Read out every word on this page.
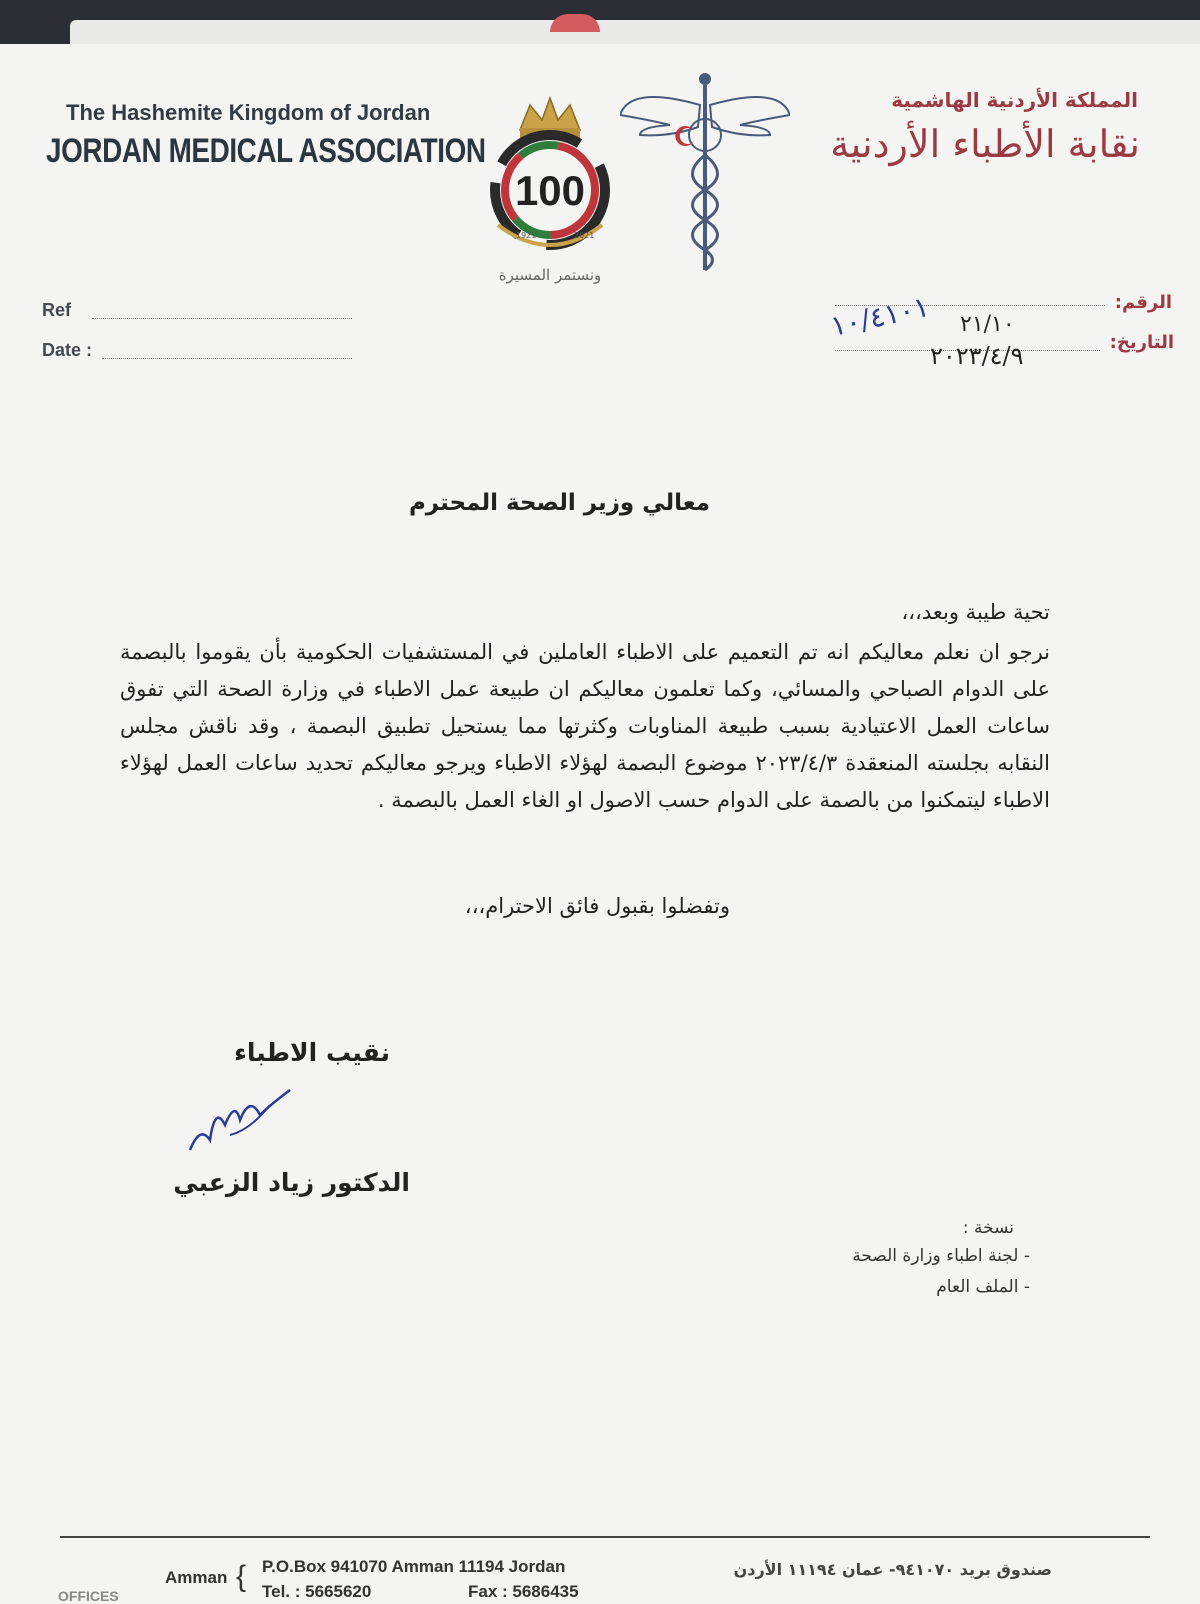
The Hashemite Kingdom of Jordan
JORDAN MEDICAL ASSOCIATION
المملكة الأردنية الهاشمية
نقابة الأطباء الأردنية
100
1921	2021
ونستمر المسيرة
Ref
Date :
الرقم:
التاريخ:
١٠/٤١٠١ ٢١/١٠
٢٠٢٣/٤/٩
معالي وزير الصحة المحترم
تحية طيبة وبعد،،،
نرجو ان نعلم معاليكم انه تم التعميم على الاطباء العاملين في المستشفيات الحكومية بأن يقوموا بالبصمة على الدوام الصباحي والمسائي، وكما تعلمون معاليكم ان طبيعة عمل الاطباء في وزارة الصحة التي تفوق ساعات العمل الاعتيادية بسبب طبيعة المناوبات وكثرتها مما يستحيل تطبيق البصمة ، وقد ناقش مجلس النقابه بجلسته المنعقدة ٢٠٢٣/٤/٣ موضوع البصمة لهؤلاء الاطباء ويرجو معاليكم تحديد ساعات العمل لهؤلاء الاطباء ليتمكنوا من بالصمة على الدوام حسب الاصول او الغاء العمل بالبصمة .
وتفضلوا بقبول فائق الاحترام،،،
نقيب الاطباء
الدكتور زياد الزعبي
نسخة :
- لجنة اطباء وزارة الصحة
- الملف العام
OFFICES
Amman { P.O.Box 941070 Amman 11194 Jordan
Tel. : 5665620	Fax : 5686435
صندوق بريد ٩٤١٠٧٠- عمان ١١١٩٤ الأردن
